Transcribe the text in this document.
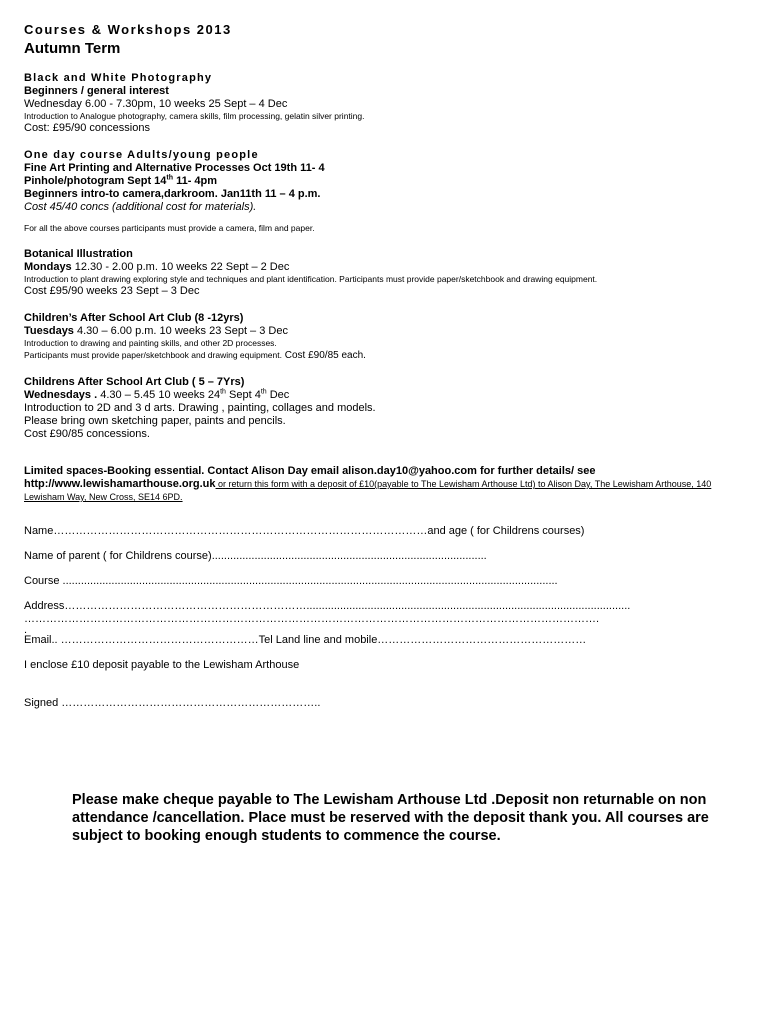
Courses & Workshops 2013

Autumn Term

Black and White Photography

Beginners / general interest

Wednesday 6.00 - 7.30pm, 10 weeks 25 Sept – 4 Dec

Introduction to Analogue photography, camera skills, film processing, gelatin silver printing.

Cost: £95/90 concessions

One day course Adults/young people

Fine Art Printing and Alternative Processes Oct 19th 11- 4

Pinhole/photogram Sept 14th 11- 4pm

Beginners intro-to camera,darkroom. Jan11th 11 – 4 p.m.

Cost 45/40 concs (additional cost for materials).

For all the above courses participants must provide a camera, film and paper.

Botanical Illustration

Mondays 12.30 - 2.00 p.m. 10 weeks 22 Sept – 2 Dec

Introduction to plant drawing exploring style and techniques and plant identification. Participants must provide paper/sketchbook and drawing equipment.

Cost £95/90 weeks 23 Sept – 3 Dec

Children’s After School Art Club (8 -12yrs)

Tuesdays 4.30 – 6.00 p.m. 10 weeks 23 Sept – 3 Dec

Introduction to drawing and painting skills, and other 2D processes.

Participants must provide paper/sketchbook and drawing equipment. Cost £90/85 each.

Childrens After School Art Club ( 5 – 7Yrs)

Wednesdays . 4.30 – 5.45 10 weeks 24th Sept 4th Dec

Introduction to 2D and 3 d arts. Drawing , painting, collages and models.

Please bring own sketching paper, paints and pencils.

Cost £90/85 concessions.

Limited spaces-Booking essential. Contact Alison Day email alison.day10@yahoo.com for further details/ see

http://www.lewishamarthouse.org.uk or return this form with a deposit of £10(payable to The Lewisham Arthouse Ltd) to Alison Day, The Lewisham Arthouse, 140 Lewisham Way, New Cross, SE14 6PD.

Name…………………………………………………………………………………………and age ( for Childrens courses)

Name of parent ( for Childrens course)..........................................................................................

Course ..................................................................................................................................................................

Address…………………………………………………………..........................................................................................................

………………………………………………………………………………………………………………………………………….

.

Email.. ………………………………………………Tel Land line and mobile…………………………………………………

I enclose £10 deposit payable to the Lewisham Arthouse

Signed ……………………………………………………………..

Please make cheque payable to The Lewisham Arthouse Ltd .Deposit non returnable on non attendance /cancellation. Place must be reserved with the deposit thank you. All courses are subject to booking enough students to commence the course.
